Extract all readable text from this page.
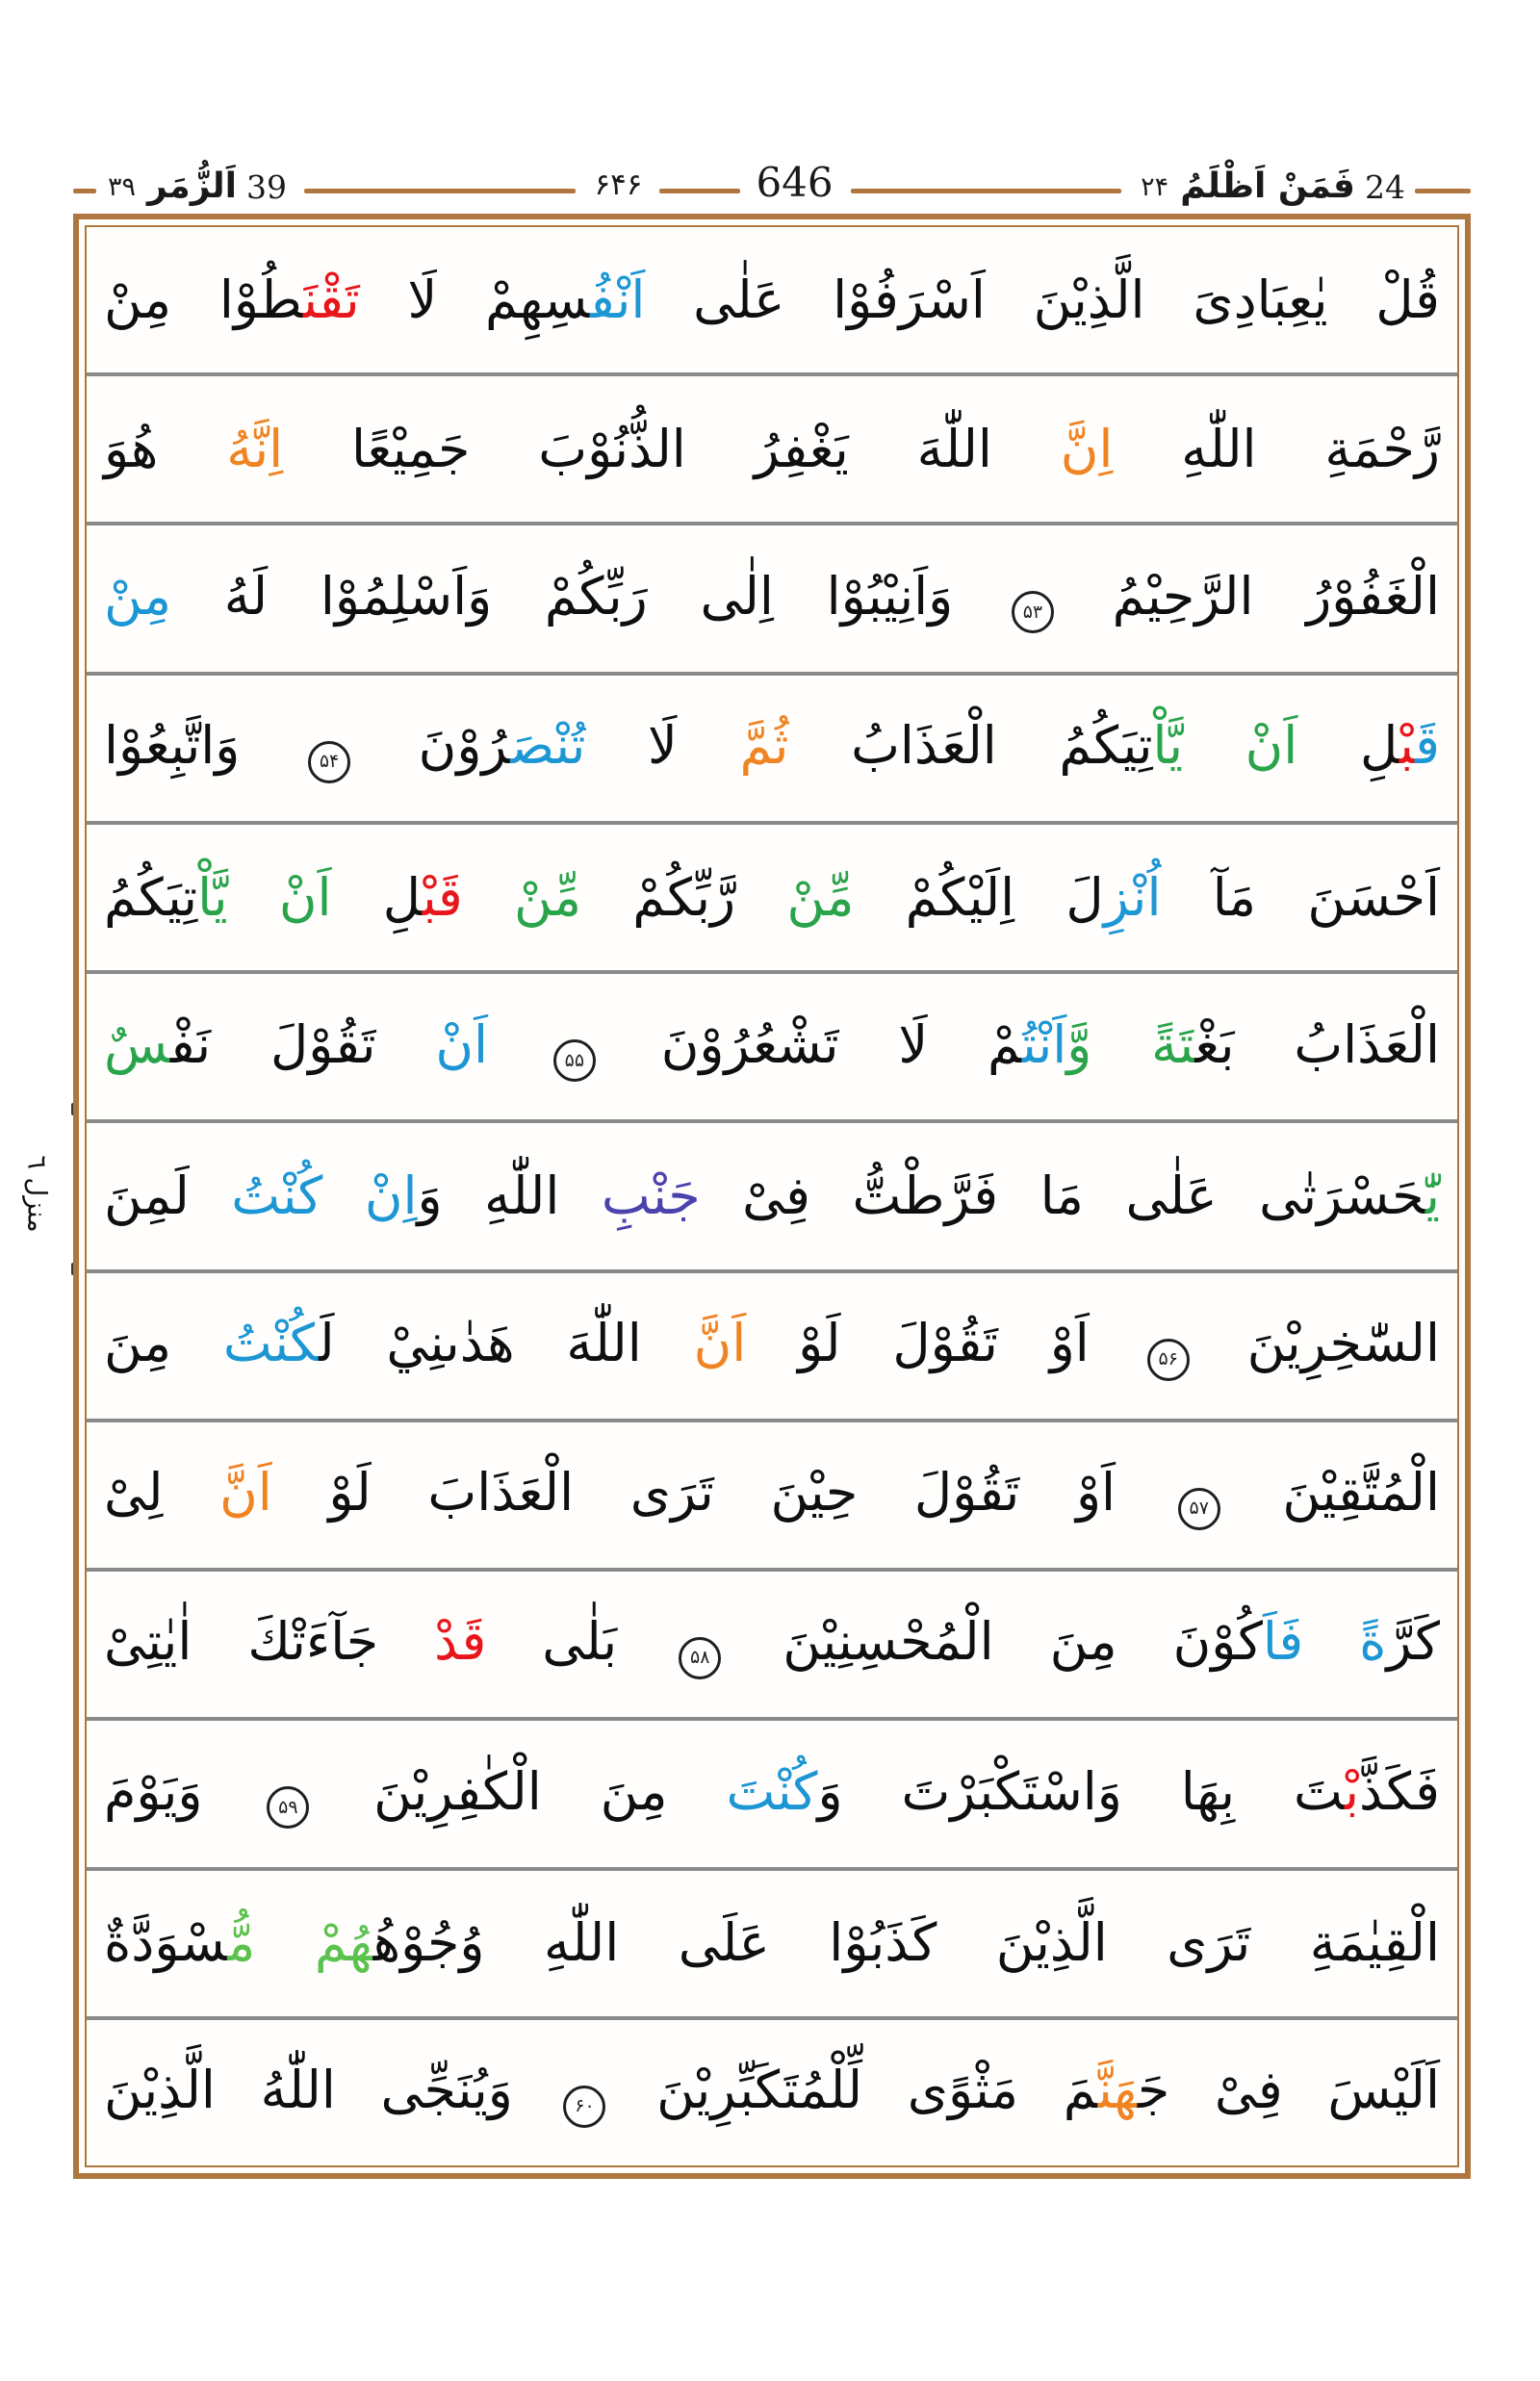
۳۹ اَلزُّمَر 39	۶۴۶	646	۲۴ فَمَنْ اَظْلَمُ 24
منزل ٦
قُلْ يٰعِبَادِىَ الَّذِيْنَ اَسْرَفُوْا عَلٰى اَنْفُسِهِمْ لَا تَقْنَطُوْا مِنْ
رَّحْمَةِ اللّٰهِ اِنَّ اللّٰهَ يَغْفِرُ الذُّنُوْبَ جَمِيْعًا اِنَّهُ هُوَ
الْغَفُوْرُ الرَّحِيْمُ ۵۳ وَاَنِيْبُوْا اِلٰى رَبِّكُمْ وَاَسْلِمُوْا لَهُ مِنْ
قَبْلِ اَنْ يَّاْتِيَكُمُ الْعَذَابُ ثُمَّ لَا تُنْصَرُوْنَ ۵۴ وَاتَّبِعُوْا
اَحْسَنَ مَآ اُنْزِلَ اِلَيْكُمْ مِّنْ رَّبِّكُمْ مِّنْ قَبْلِ اَنْ يَّاْتِيَكُمُ
الْعَذَابُ بَغْتَةً وَّاَنْتُمْ لَا تَشْعُرُوْنَ ۵۵ اَنْ تَقُوْلَ نَفْسٌ
يّٰحَسْرَتٰى عَلٰى مَا فَرَّطْتُّ فِىْ جَنْبِ اللّٰهِ وَاِنْ كُنْتُ لَمِنَ
السّٰخِرِيْنَ ۵۶ اَوْ تَقُوْلَ لَوْ اَنَّ اللّٰهَ هَدٰىنِيْ لَكُنْتُ مِنَ
الْمُتَّقِيْنَ ۵۷ اَوْ تَقُوْلَ حِيْنَ تَرَى الْعَذَابَ لَوْ اَنَّ لِىْ
كَرَّةً فَاَكُوْنَ مِنَ الْمُحْسِنِيْنَ ۵۸ بَلٰى قَدْ جَآءَتْكَ اٰيٰتِىْ
فَكَذَّبْتَ بِهَا وَاسْتَكْبَرْتَ وَكُنْتَ مِنَ الْكٰفِرِيْنَ ۵۹ وَيَوْمَ
الْقِيٰمَةِ تَرَى الَّذِيْنَ كَذَبُوْا عَلَى اللّٰهِ وُجُوْهُهُمْ مُّسْوَدَّةٌ
اَلَيْسَ فِىْ جَهَنَّمَ مَثْوًى لِّلْمُتَكَبِّرِيْنَ ۶۰ وَيُنَجِّى اللّٰهُ الَّذِيْنَ
